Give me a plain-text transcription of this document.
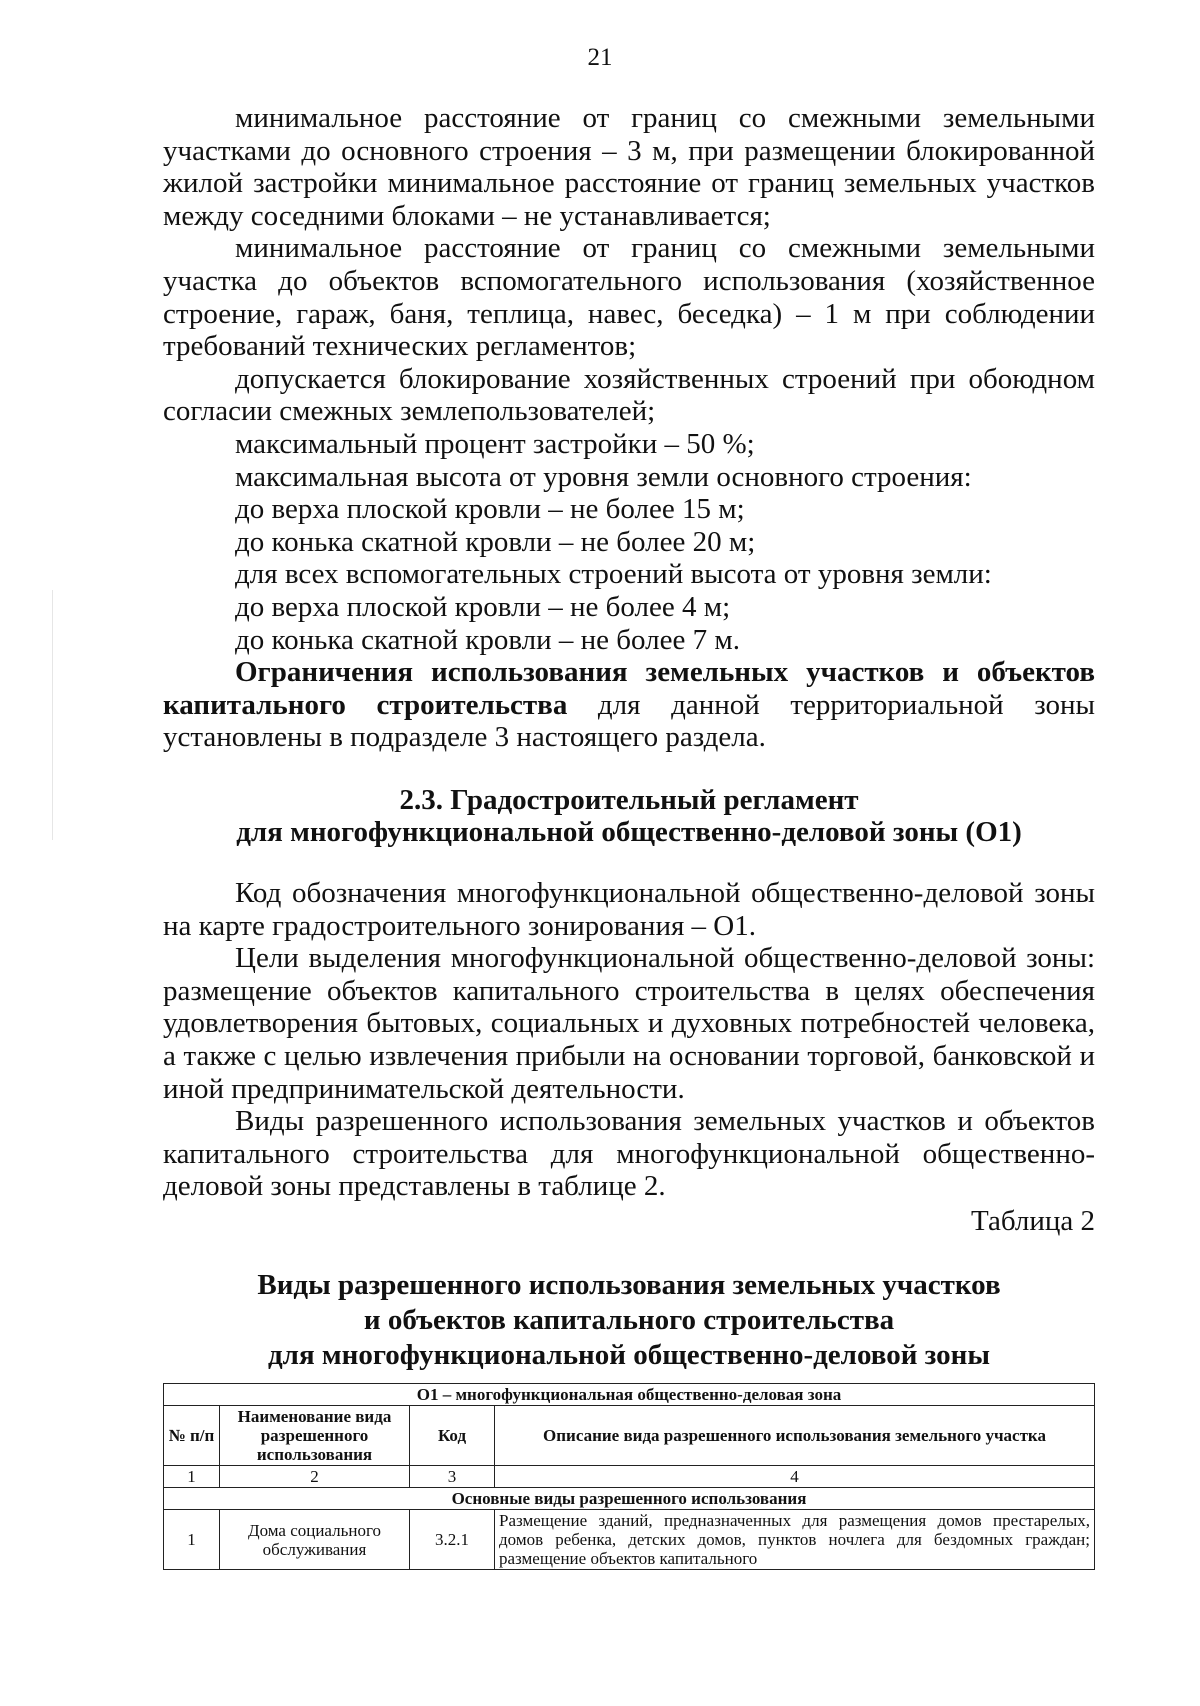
21

минимальное расстояние от границ со смежными земельными участками до основного строения – 3 м, при размещении блокированной жилой застройки минимальное расстояние от границ земельных участков между соседними блоками – не устанавливается;

минимальное расстояние от границ со смежными земельными участка до объектов вспомогательного использования (хозяйственное строение, гараж, баня, теплица, навес, беседка) – 1 м при соблюдении требований технических регламентов;

допускается блокирование хозяйственных строений при обоюдном согласии смежных землепользователей;

максимальный процент застройки – 50 %;

максимальная высота от уровня земли основного строения:

до верха плоской кровли – не более 15 м;

до конька скатной кровли – не более 20 м;

для всех вспомогательных строений высота от уровня земли:

до верха плоской кровли – не более 4 м;

до конька скатной кровли – не более 7 м.

Ограничения использования земельных участков и объектов капитального строительства для данной территориальной зоны установлены в подразделе 3 настоящего раздела.

2.3. Градостроительный регламент
для многофункциональной общественно-деловой зоны (О1)

Код обозначения многофункциональной общественно-деловой зоны на карте градостроительного зонирования – О1.

Цели выделения многофункциональной общественно-деловой зоны: размещение объектов капитального строительства в целях обеспечения удовлетворения бытовых, социальных и духовных потребностей человека, а также с целью извлечения прибыли на основании торговой, банковской и иной предпринимательской деятельности.

Виды разрешенного использования земельных участков и объектов капитального строительства для многофункциональной общественно-деловой зоны представлены в таблице 2.

Таблица 2

Виды разрешенного использования земельных участков
и объектов капитального строительства
для многофункциональной общественно-деловой зоны

О1 – многофункциональная общественно-деловая зона			
№ п/п	Наименование вида разрешенного использования	Код	Описание вида разрешенного использования земельного участка
1	2	3	4
Основные виды разрешенного использования			
1	Дома социального обслуживания	3.2.1	Размещение зданий, предназначенных для размещения домов престарелых, домов ребенка, детских домов, пунктов ночлега для бездомных граждан; размещение объектов капитального
